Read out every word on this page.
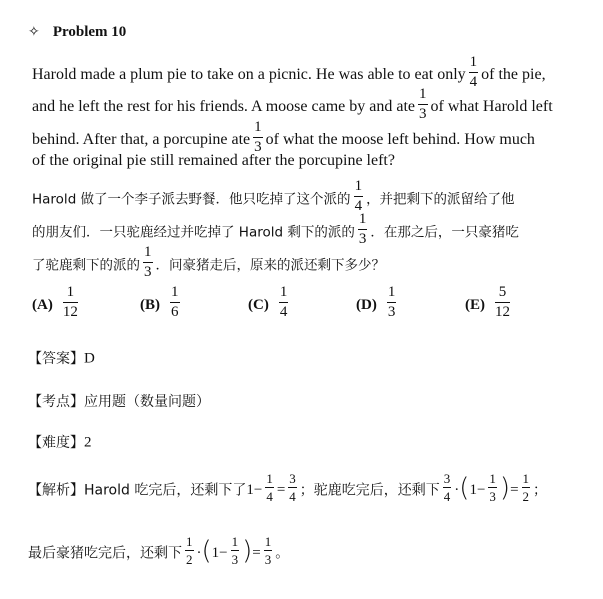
✧ Problem 10
Harold made a plum pie to take on a picnic. He was able to eat only $\frac{1}{4}$ of the pie,
and he left the rest for his friends. A moose came by and ate $\frac{1}{3}$ of what Harold left
behind. After that, a porcupine ate $\frac{1}{3}$ of what the moose left behind. How much
of the original pie still remained after the porcupine left?
Harold 做了一个李子派去野餐．他只吃掉了这个派的 $\frac{1}{4}$ ，并把剩下的派留给了他
的朋友们．一只驼鹿经过并吃掉了 Harold 剩下的派的 $\frac{1}{3}$ ．在那之后，一只豪猪吃
了驼鹿剩下的派的 $\frac{1}{3}$ ．问豪猪走后，原来的派还剩下多少？
$(A) \frac{1}{12}$	$(B) \frac{1}{6}$	$(C) \frac{1}{4}$	$(D) \frac{1}{3}$	$(E) \frac{5}{12}$
【答案】D
【考点】应用题（数量问题）
【难度】2
【解析】Harold 吃完后，还剩下了$1- \frac{1}{4} = \frac{3}{4}$ ；驼鹿吃完后，还剩下 $\frac{3}{4} \cdot(1- \frac{1}{3}$ )= $\frac{1}{2}$ ；
最后豪猪吃完后，还剩下 $\frac{1}{2} \cdot(1- \frac{1}{3}$ )= $\frac{1}{3}$ 。
